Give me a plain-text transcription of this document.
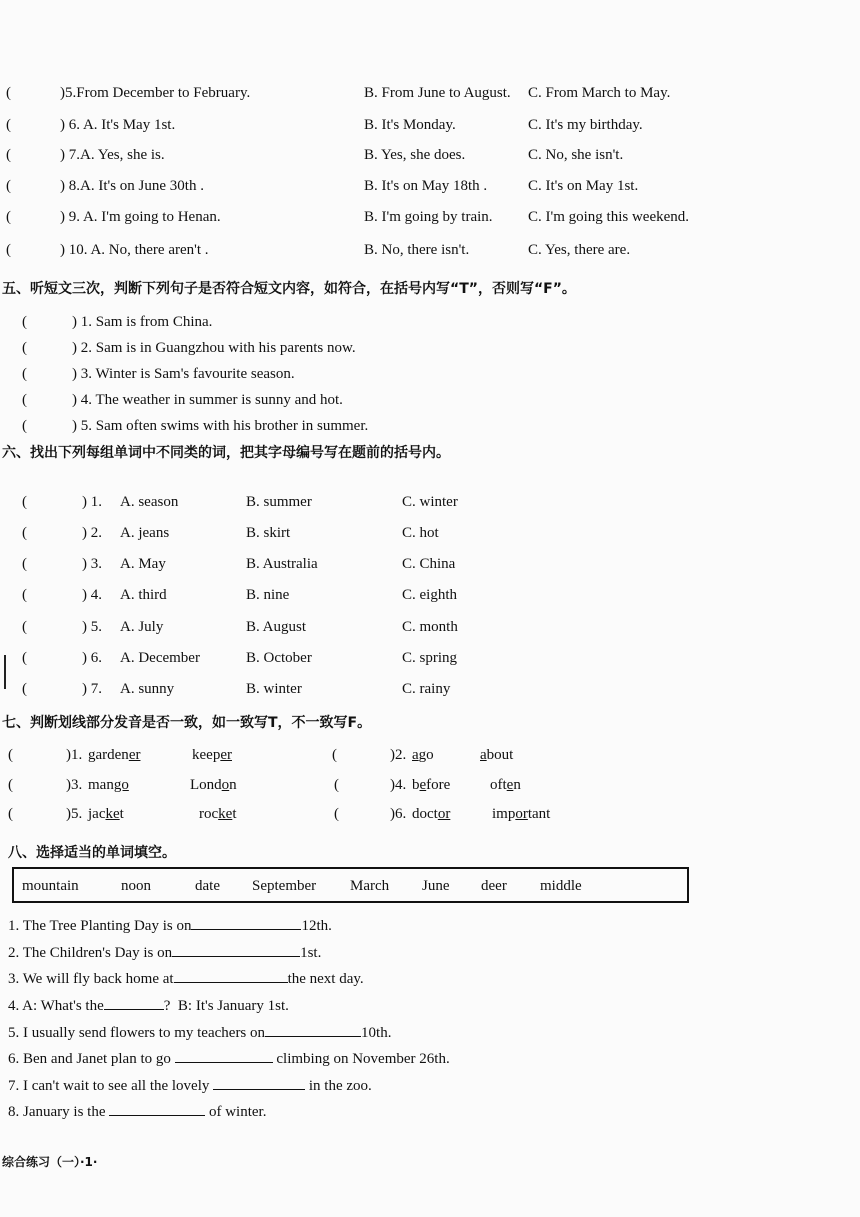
(	)5.From December to February.	B. From June to August. C. From March to May.
(	) 6. A. It's May 1st.	B. It's Monday.	C. It's my birthday.
(	) 7.A. Yes, she is.	B. Yes, she does.	C. No, she isn't.
(	) 8.A. It's on June 30th .	B. It's on May 18th .	C. It's on May 1st.
(	) 9. A. I'm going to Henan.	B. I'm going by train. C. I'm going this weekend.
(	) 10. A. No, there aren't .	B. No, there isn't.	C. Yes, there are.
五、听短文三次，判断下列句子是否符合短文内容，如符合，在括号内写“T”，否则写“F”。
(	) 1. Sam is from China.
(	) 2. Sam is in Guangzhou with his parents now.
(	) 3. Winter is Sam's favourite season.
(	) 4. The weather in summer is sunny and hot.
(	) 5. Sam often swims with his brother in summer.
六、找出下列每组单词中不同类的词，把其字母编号写在题前的括号内。
(	) 1. A. season	B. summer	C. winter
(	) 2. A. jeans	B. skirt	C. hot
(	) 3. A. May	B. Australia	C. China
(	) 4. A. third	B. nine	C. eighth
(	) 5. A. July	B. August	C. month
(	) 6. A. December	B. October	C. spring
(	) 7. A. sunny	B. winter	C. rainy
七、判断划线部分发音是否一致，如一致写T，不一致写F。
(	)1. gardener	keeper	(	)2. ago	about
(	)3. mango	London	(	)4. before	often
(	)5. jacket	rocket	(	)6. doctor	important
八、选择适当的单词填空。
mountain	noon	date September March June deer middle
1. The Tree Planting Day is on	12th.
2. The Children's Day is on	1st.
3. We will fly back home at	the next day.
4. A: What's the	?  B: It's January 1st.
5. I usually send flowers to my teachers on	10th.
6. Ben and Janet plan to go	climbing on November 26th.
7. I can't wait to see all the lovely	in the zoo.
8. January is the	of winter.
综合练习（一）·1·
